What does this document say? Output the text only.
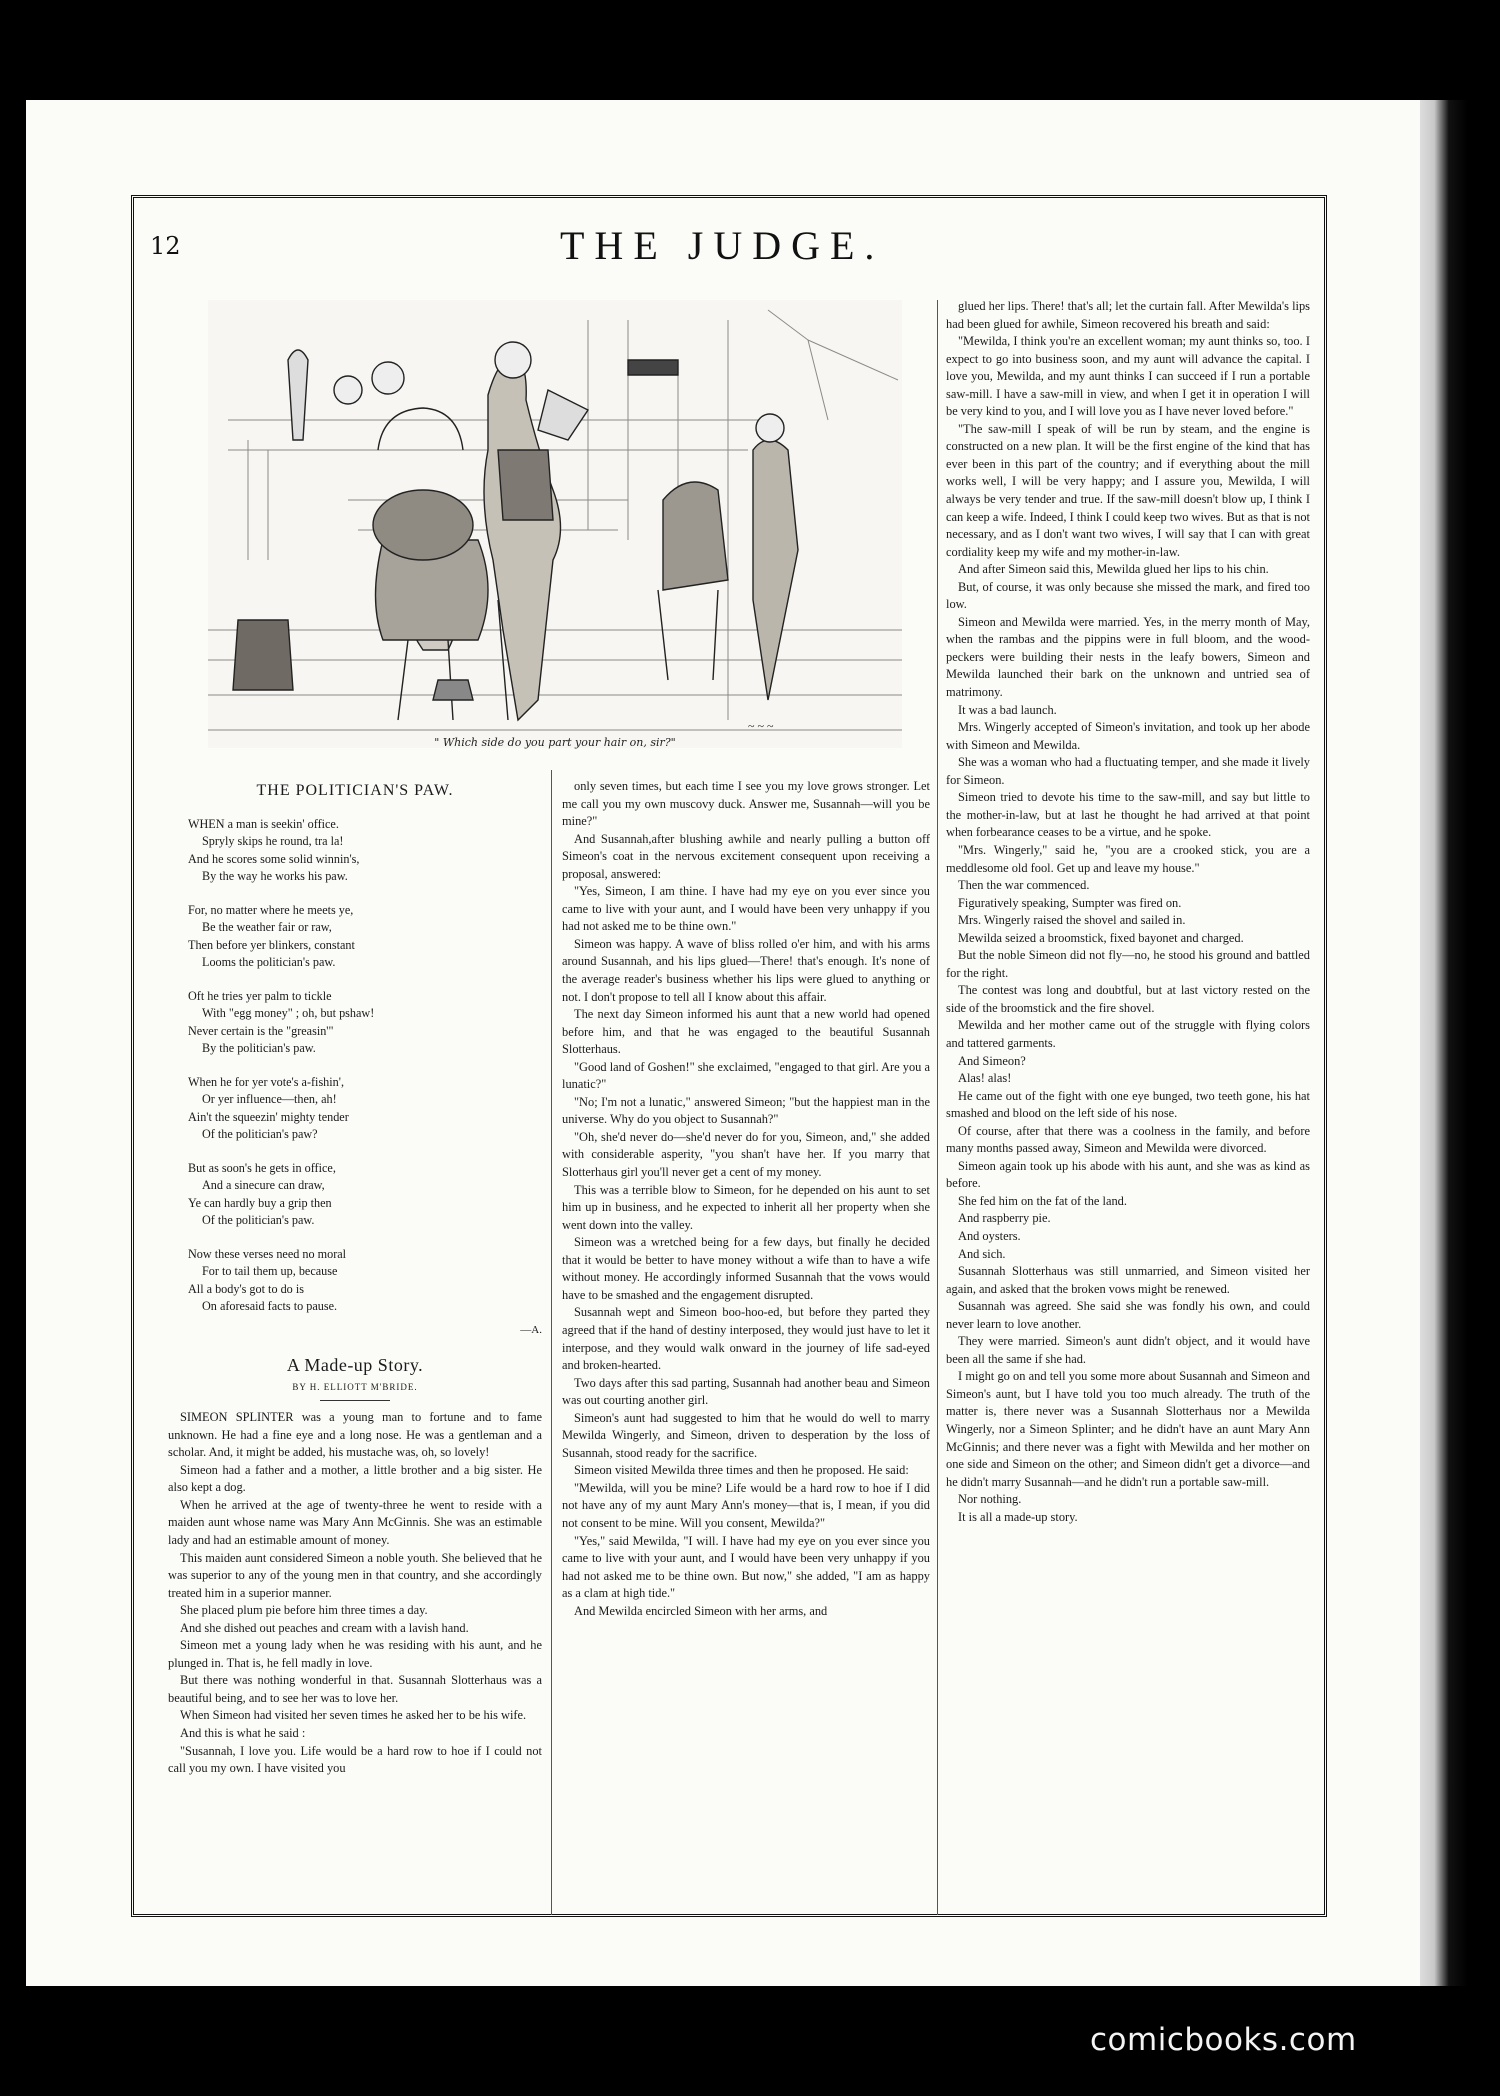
12	THE JUDGE.
~ ~ ~
" Which side do you part your hair on, sir?"
THE POLITICIAN'S PAW.
WHEN a man is seekin' office.
Spryly skips he round, tra la!
And he scores some solid winnin's,
By the way he works his paw.
For, no matter where he meets ye,
Be the weather fair or raw,
Then before yer blinkers, constant
Looms the politician's paw.
Oft he tries yer palm to tickle
With "egg money" ; oh, but pshaw!
Never certain is the "greasin'"
By the politician's paw.
When he for yer vote's a-fishin',
Or yer influence—then, ah!
Ain't the squeezin' mighty tender
Of the politician's paw?
But as soon's he gets in office,
And a sinecure can draw,
Ye can hardly buy a grip then
Of the politician's paw.
Now these verses need no moral
For to tail them up, because
All a body's got to do is
On aforesaid facts to pause.
—A.
A Made-up Story.
BY H. ELLIOTT M'BRIDE.

SIMEON SPLINTER was a young man to fortune and to fame unknown. He had a fine eye and a long nose. He was a gentleman and a scholar. And, it might be added, his mustache was, oh, so lovely!

Simeon had a father and a mother, a little brother and a big sister. He also kept a dog.

When he arrived at the age of twenty-three he went to reside with a maiden aunt whose name was Mary Ann McGinnis. She was an estimable lady and had an estimable amount of money.

This maiden aunt considered Simeon a noble youth. She believed that he was superior to any of the young men in that country, and she accordingly treated him in a superior manner.

She placed plum pie before him three times a day.

And she dished out peaches and cream with a lavish hand.

Simeon met a young lady when he was residing with his aunt, and he plunged in. That is, he fell madly in love.

But there was nothing wonderful in that. Susannah Slotterhaus was a beautiful being, and to see her was to love her.

When Simeon had visited her seven times he asked her to be his wife.

And this is what he said :

"Susannah, I love you. Life would be a hard row to hoe if I could not call you my own. I have visited you

only seven times, but each time I see you my love grows stronger. Let me call you my own muscovy duck. Answer me, Susannah—will you be mine?"

And Susannah,after blushing awhile and nearly pulling a button off Simeon's coat in the nervous excitement consequent upon receiving a proposal, answered:

"Yes, Simeon, I am thine. I have had my eye on you ever since you came to live with your aunt, and I would have been very unhappy if you had not asked me to be thine own."

Simeon was happy. A wave of bliss rolled o'er him, and with his arms around Susannah, and his lips glued—There! that's enough. It's none of the average reader's business whether his lips were glued to anything or not. I don't propose to tell all I know about this affair.

The next day Simeon informed his aunt that a new world had opened before him, and that he was engaged to the beautiful Susannah Slotterhaus.

"Good land of Goshen!" she exclaimed, "engaged to that girl. Are you a lunatic?"

"No; I'm not a lunatic," answered Simeon; "but the happiest man in the universe. Why do you object to Susannah?"

"Oh, she'd never do—she'd never do for you, Simeon, and," she added with considerable asperity, "you shan't have her. If you marry that Slotterhaus girl you'll never get a cent of my money.

This was a terrible blow to Simeon, for he depended on his aunt to set him up in business, and he expected to inherit all her property when she went down into the valley.

Simeon was a wretched being for a few days, but finally he decided that it would be better to have money without a wife than to have a wife without money. He accordingly informed Susannah that the vows would have to be smashed and the engagement disrupted.

Susannah wept and Simeon boo-hoo-ed, but before they parted they agreed that if the hand of destiny interposed, they would just have to let it interpose, and they would walk onward in the journey of life sad-eyed and broken-hearted.

Two days after this sad parting, Susannah had another beau and Simeon was out courting another girl.

Simeon's aunt had suggested to him that he would do well to marry Mewilda Wingerly, and Simeon, driven to desperation by the loss of Susannah, stood ready for the sacrifice.

Simeon visited Mewilda three times and then he proposed. He said:

"Mewilda, will you be mine? Life would be a hard row to hoe if I did not have any of my aunt Mary Ann's money—that is, I mean, if you did not consent to be mine. Will you consent, Mewilda?"

"Yes," said Mewilda, "I will. I have had my eye on you ever since you came to live with your aunt, and I would have been very unhappy if you had not asked me to be thine own. But now," she added, "I am as happy as a clam at high tide."

And Mewilda encircled Simeon with her arms, and

glued her lips. There! that's all; let the curtain fall. After Mewilda's lips had been glued for awhile, Simeon recovered his breath and said:

"Mewilda, I think you're an excellent woman; my aunt thinks so, too. I expect to go into business soon, and my aunt will advance the capital. I love you, Mewilda, and my aunt thinks I can succeed if I run a portable saw-mill. I have a saw-mill in view, and when I get it in operation I will be very kind to you, and I will love you as I have never loved before."

"The saw-mill I speak of will be run by steam, and the engine is constructed on a new plan. It will be the first engine of the kind that has ever been in this part of the country; and if everything about the mill works well, I will be very happy; and I assure you, Mewilda, I will always be very tender and true. If the saw-mill doesn't blow up, I think I can keep a wife. Indeed, I think I could keep two wives. But as that is not necessary, and as I don't want two wives, I will say that I can with great cordiality keep my wife and my mother-in-law.

And after Simeon said this, Mewilda glued her lips to his chin.

But, of course, it was only because she missed the mark, and fired too low.

Simeon and Mewilda were married. Yes, in the merry month of May, when the rambas and the pippins were in full bloom, and the wood-peckers were building their nests in the leafy bowers, Simeon and Mewilda launched their bark on the unknown and untried sea of matrimony.

It was a bad launch.

Mrs. Wingerly accepted of Simeon's invitation, and took up her abode with Simeon and Mewilda.

She was a woman who had a fluctuating temper, and she made it lively for Simeon.

Simeon tried to devote his time to the saw-mill, and say but little to the mother-in-law, but at last he thought he had arrived at that point when forbearance ceases to be a virtue, and he spoke.

"Mrs. Wingerly," said he, "you are a crooked stick, you are a meddlesome old fool. Get up and leave my house."

Then the war commenced.

Figuratively speaking, Sumpter was fired on.

Mrs. Wingerly raised the shovel and sailed in.

Mewilda seized a broomstick, fixed bayonet and charged.

But the noble Simeon did not fly—no, he stood his ground and battled for the right.

The contest was long and doubtful, but at last victory rested on the side of the broomstick and the fire shovel.

Mewilda and her mother came out of the struggle with flying colors and tattered garments.

And Simeon?

Alas! alas!

He came out of the fight with one eye bunged, two teeth gone, his hat smashed and blood on the left side of his nose.

Of course, after that there was a coolness in the family, and before many months passed away, Simeon and Mewilda were divorced.

Simeon again took up his abode with his aunt, and she was as kind as before.

She fed him on the fat of the land.

And raspberry pie.

And oysters.

And sich.

Susannah Slotterhaus was still unmarried, and Simeon visited her again, and asked that the broken vows might be renewed.

Susannah was agreed. She said she was fondly his own, and could never learn to love another.

They were married. Simeon's aunt didn't object, and it would have been all the same if she had.

I might go on and tell you some more about Susannah and Simeon and Simeon's aunt, but I have told you too much already. The truth of the matter is, there never was a Susannah Slotterhaus nor a Mewilda Wingerly, nor a Simeon Splinter; and he didn't have an aunt Mary Ann McGinnis; and there never was a fight with Mewilda and her mother on one side and Simeon on the other; and Simeon didn't get a divorce—and he didn't marry Susannah—and he didn't run a portable saw-mill.

Nor nothing.

It is all a made-up story.

comicbooks.com
